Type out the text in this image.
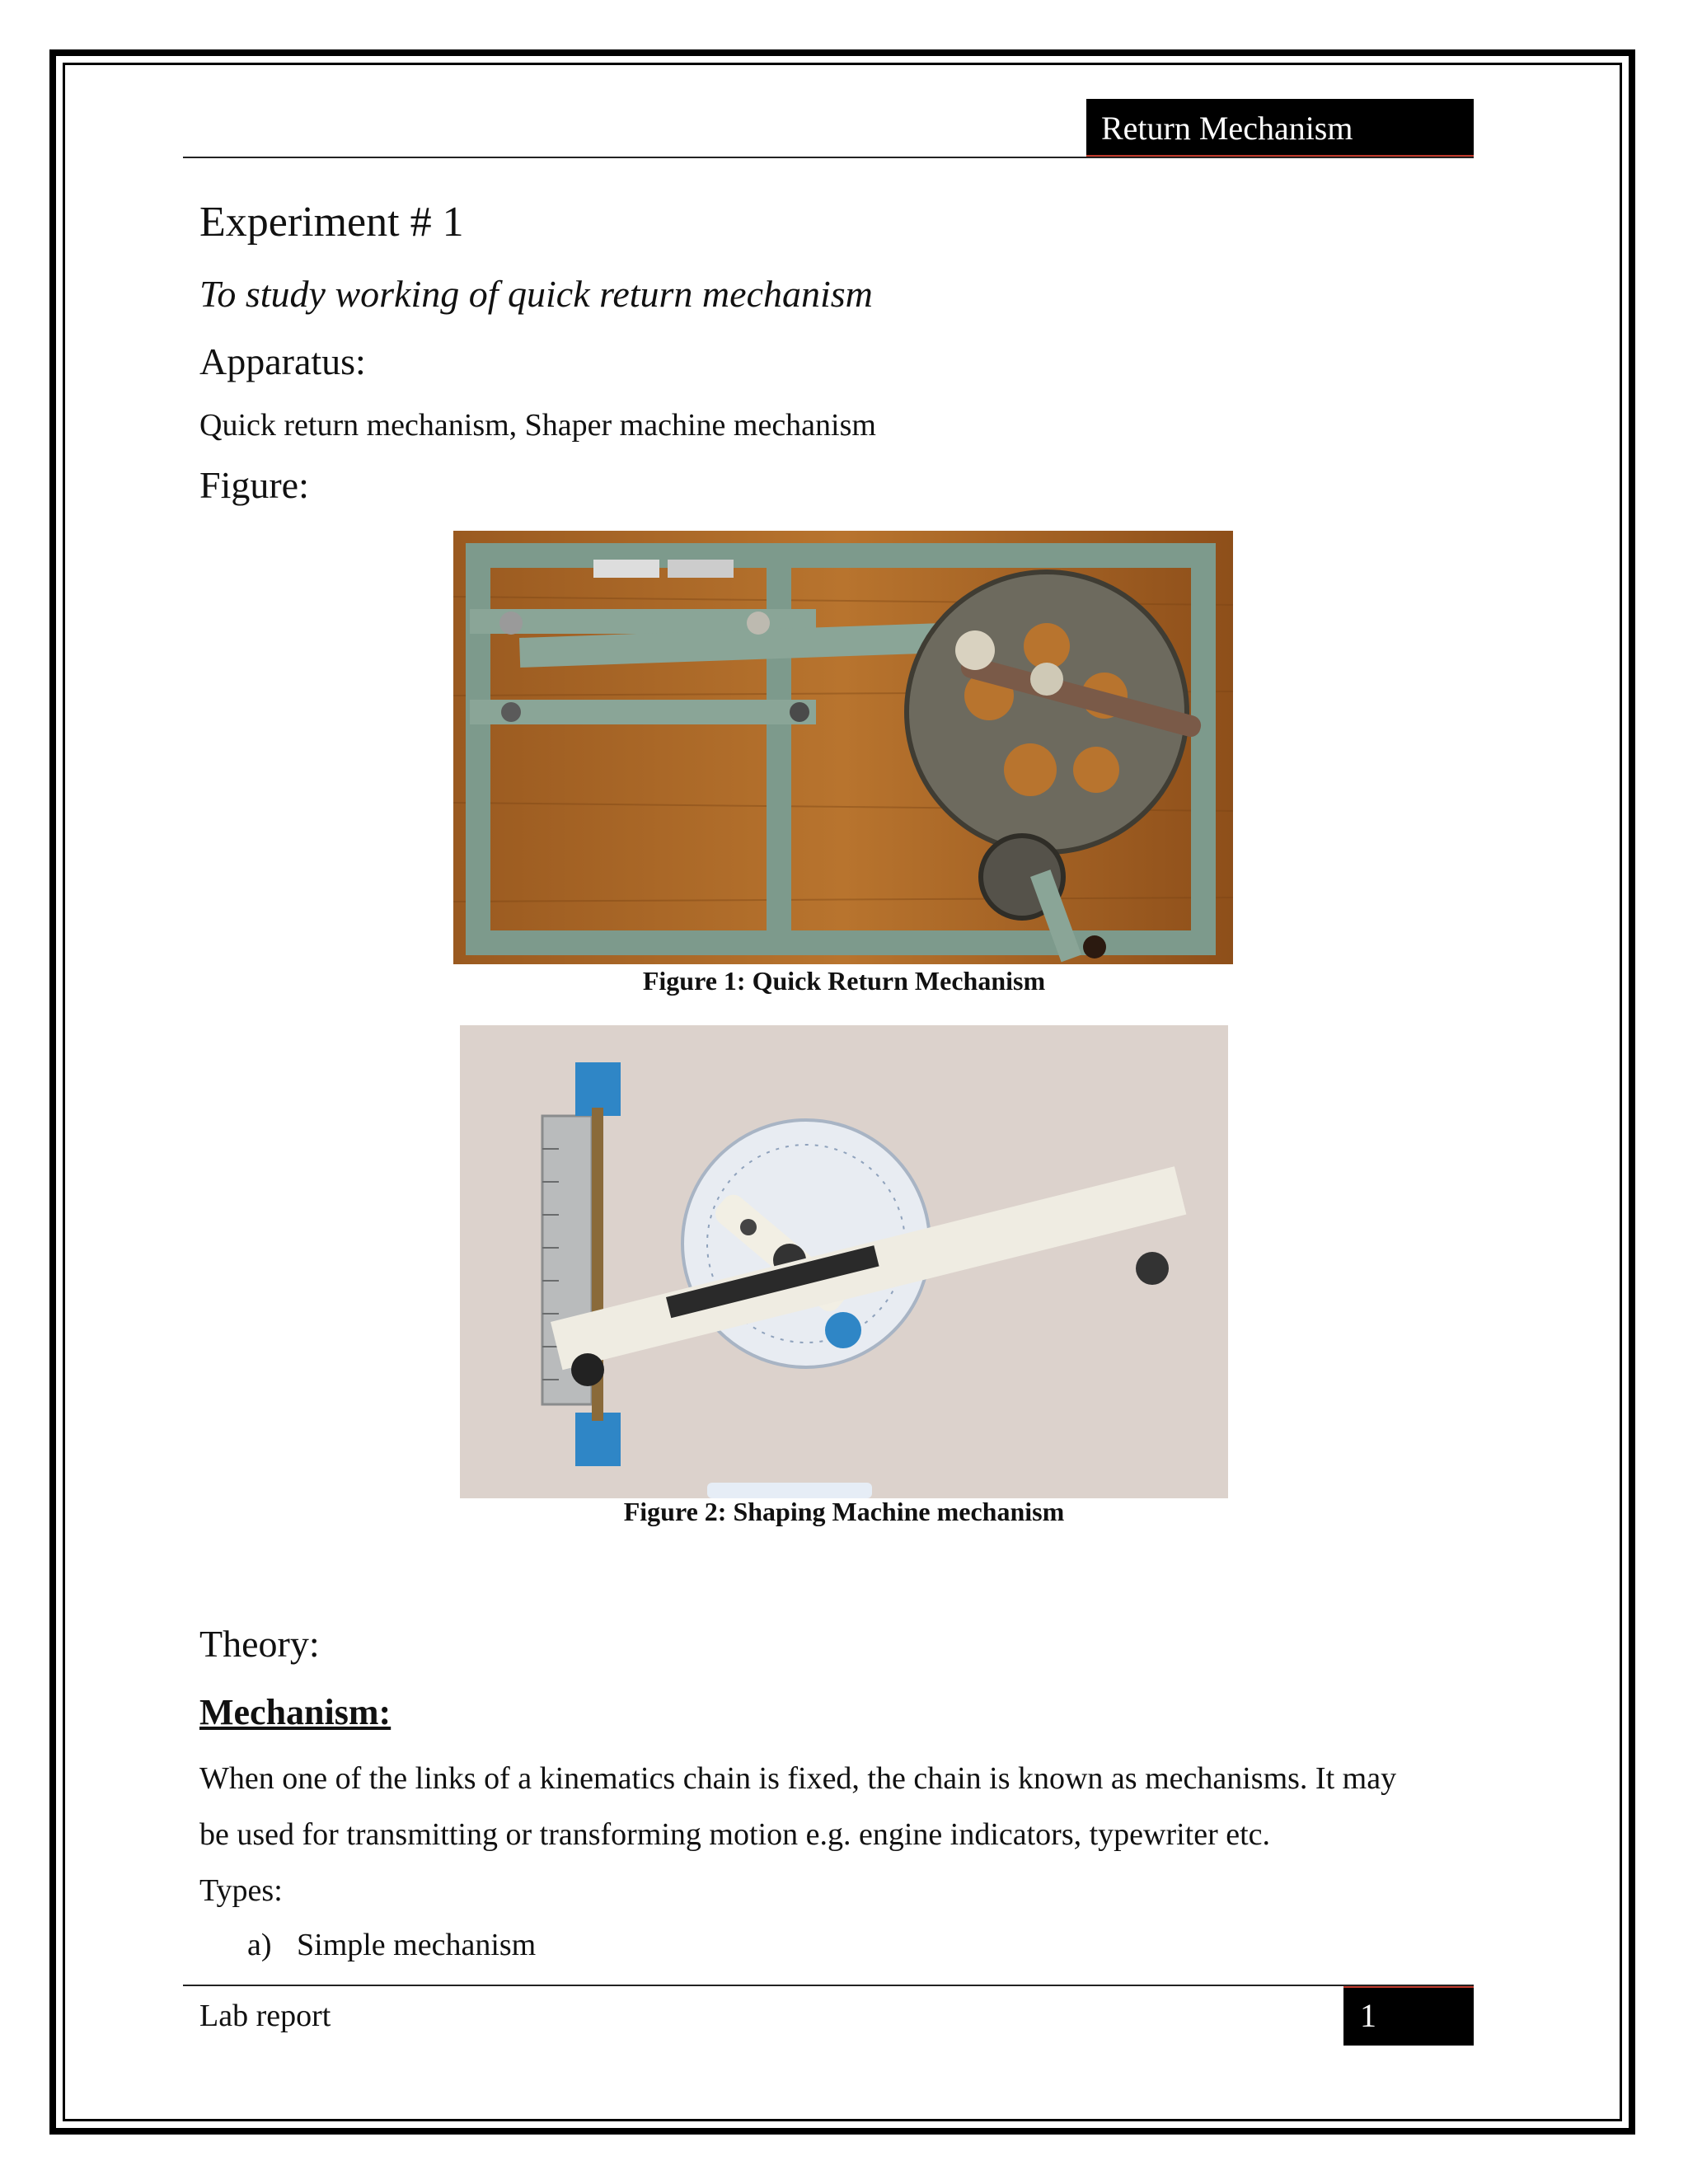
Return Mechanism
Experiment # 1
To study working of quick return mechanism
Apparatus:
Quick return mechanism, Shaper machine mechanism
Figure:
Figure 1: Quick Return Mechanism
Figure 2: Shaping Machine mechanism
Theory:
Mechanism:
When one of the links of a kinematics chain is fixed, the chain is known as mechanisms. It may
be used for transmitting or transforming motion e.g. engine indicators, typewriter etc.
Types:
a) Simple mechanism
Lab report	1
